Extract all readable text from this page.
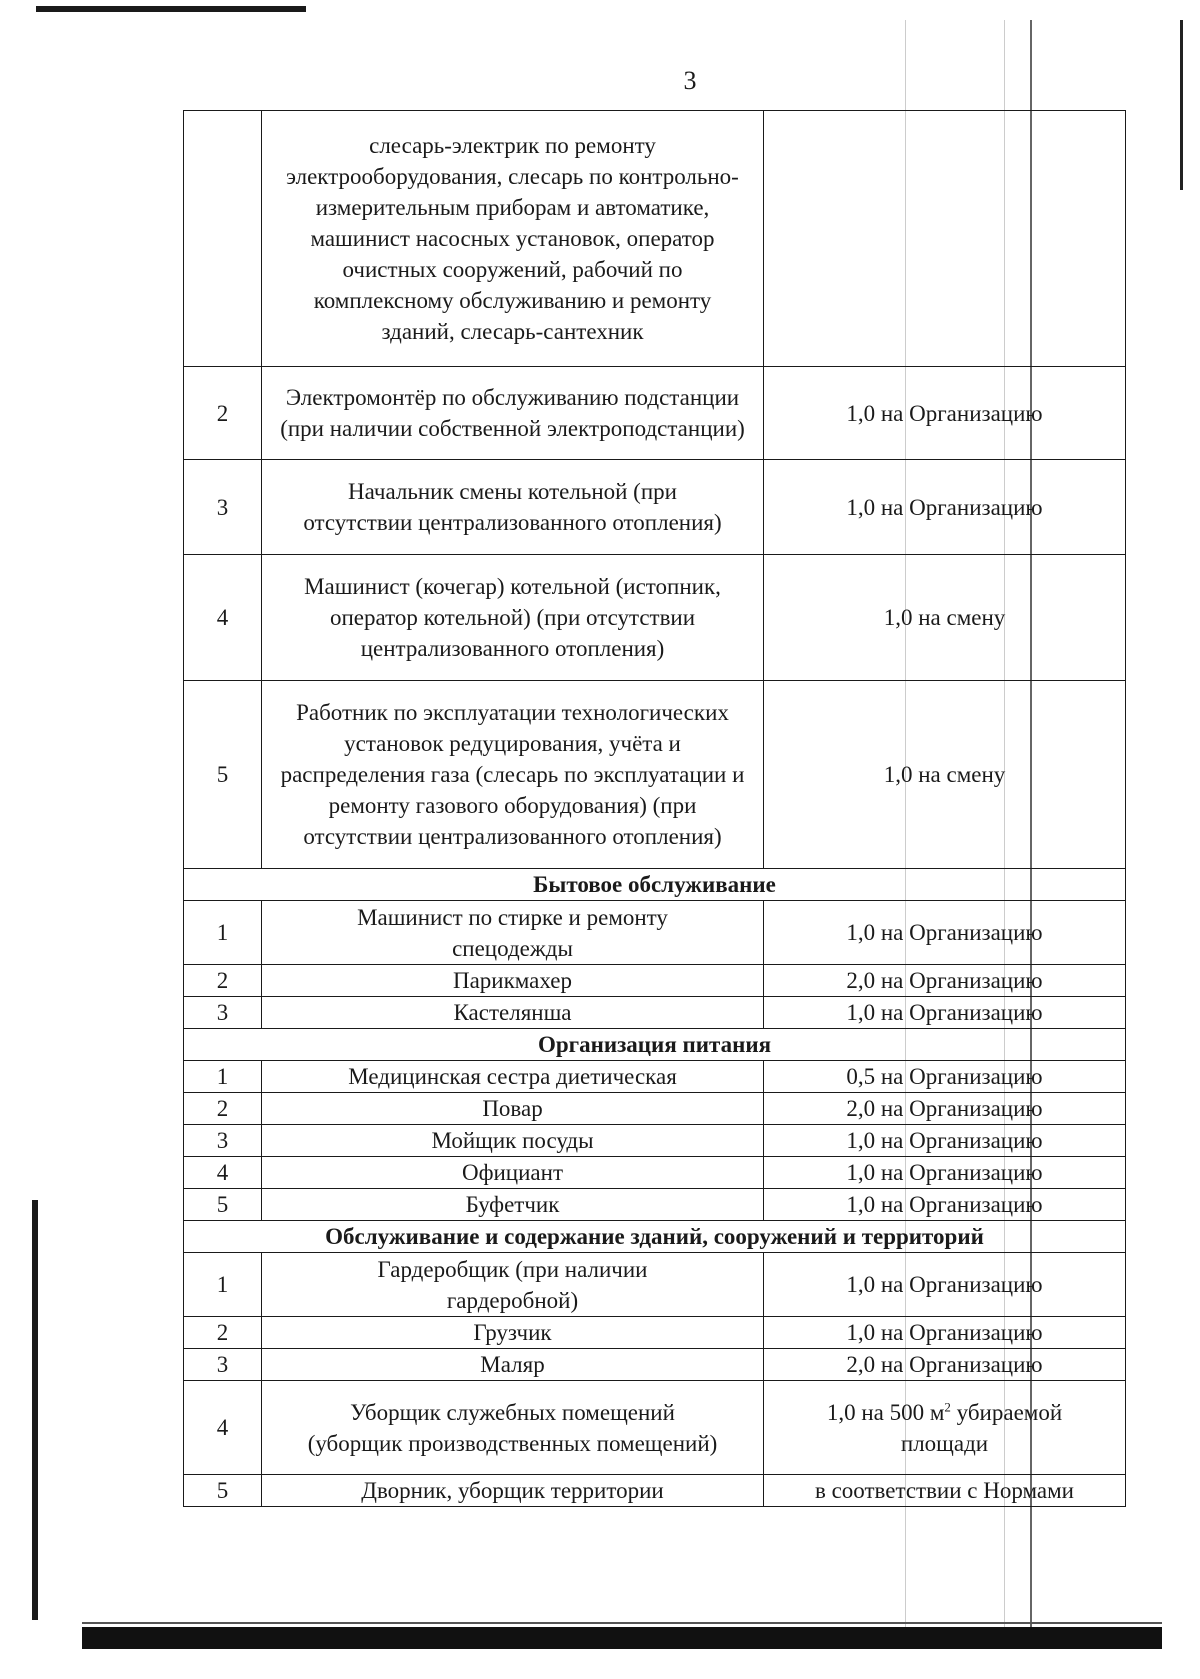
3
	слесарь-электрик по ремонту электрооборудования, слесарь по контрольно-измерительным приборам и автоматике, машинист насосных установок, оператор очистных сооружений, рабочий по комплексному обслуживанию и ремонту зданий, слесарь-сантехник	
2	Электромонтёр по обслуживанию подстанции (при наличии собственной электроподстанции)	1,0 на Организацию
3	Начальник смены котельной (при отсутствии централизованного отопления)	1,0 на Организацию
4	Машинист (кочегар) котельной (истопник, оператор котельной) (при отсутствии централизованного отопления)	1,0 на смену
5	Работник по эксплуатации технологических установок редуцирования, учёта и распределения газа (слесарь по эксплуатации и ремонту газового оборудования) (при отсутствии централизованного отопления)	1,0 на смену
Бытовое обслуживание		
1	Машинист по стирке и ремонту спецодежды	1,0 на Организацию
2	Парикмахер	2,0 на Организацию
3	Кастелянша	1,0 на Организацию
Организация питания		
1	Медицинская сестра диетическая	0,5 на Организацию
2	Повар	2,0 на Организацию
3	Мойщик посуды	1,0 на Организацию
4	Официант	1,0 на Организацию
5	Буфетчик	1,0 на Организацию
Обслуживание и содержание зданий, сооружений и территорий		
1	Гардеробщик (при наличии гардеробной)	1,0 на Организацию
2	Грузчик	1,0 на Организацию
3	Маляр	2,0 на Организацию
4	Уборщик служебных помещений (уборщик производственных помещений)	1,0 на 500 $м^2$ убираемой площади
5	Дворник, уборщик территории	в соответствии с Нормами
